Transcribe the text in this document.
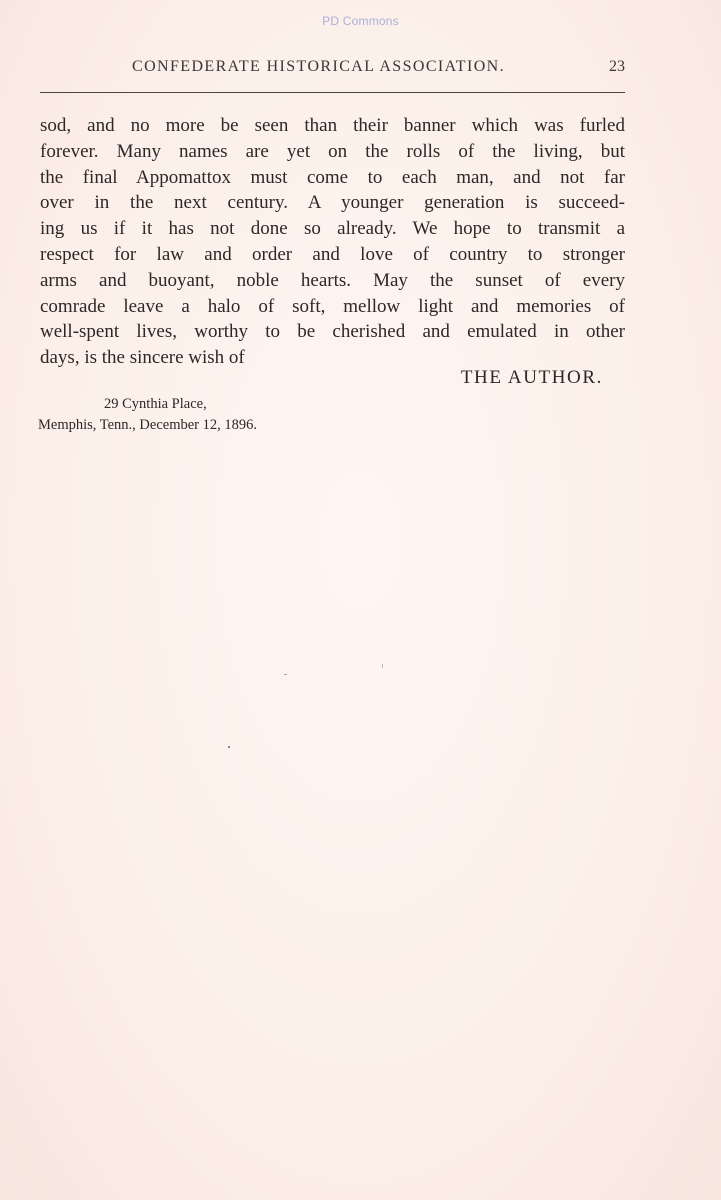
PD Commons
CONFEDERATE HISTORICAL ASSOCIATION.	23
sod, and no more be seen than their banner which was furled
forever. Many names are yet on the rolls of the living, but
the final Appomattox must come to each man, and not far
over in the next century. A younger generation is succeed-
ing us if it has not done so already. We hope to transmit a
respect for law and order and love of country to stronger
arms and buoyant, noble hearts. May the sunset of every
comrade leave a halo of soft, mellow light and memories of
well-spent lives, worthy to be cherished and emulated in other
days, is the sincere wish of
THE AUTHOR.
29 Cynthia Place,
Memphis, Tenn., December 12, 1896.
